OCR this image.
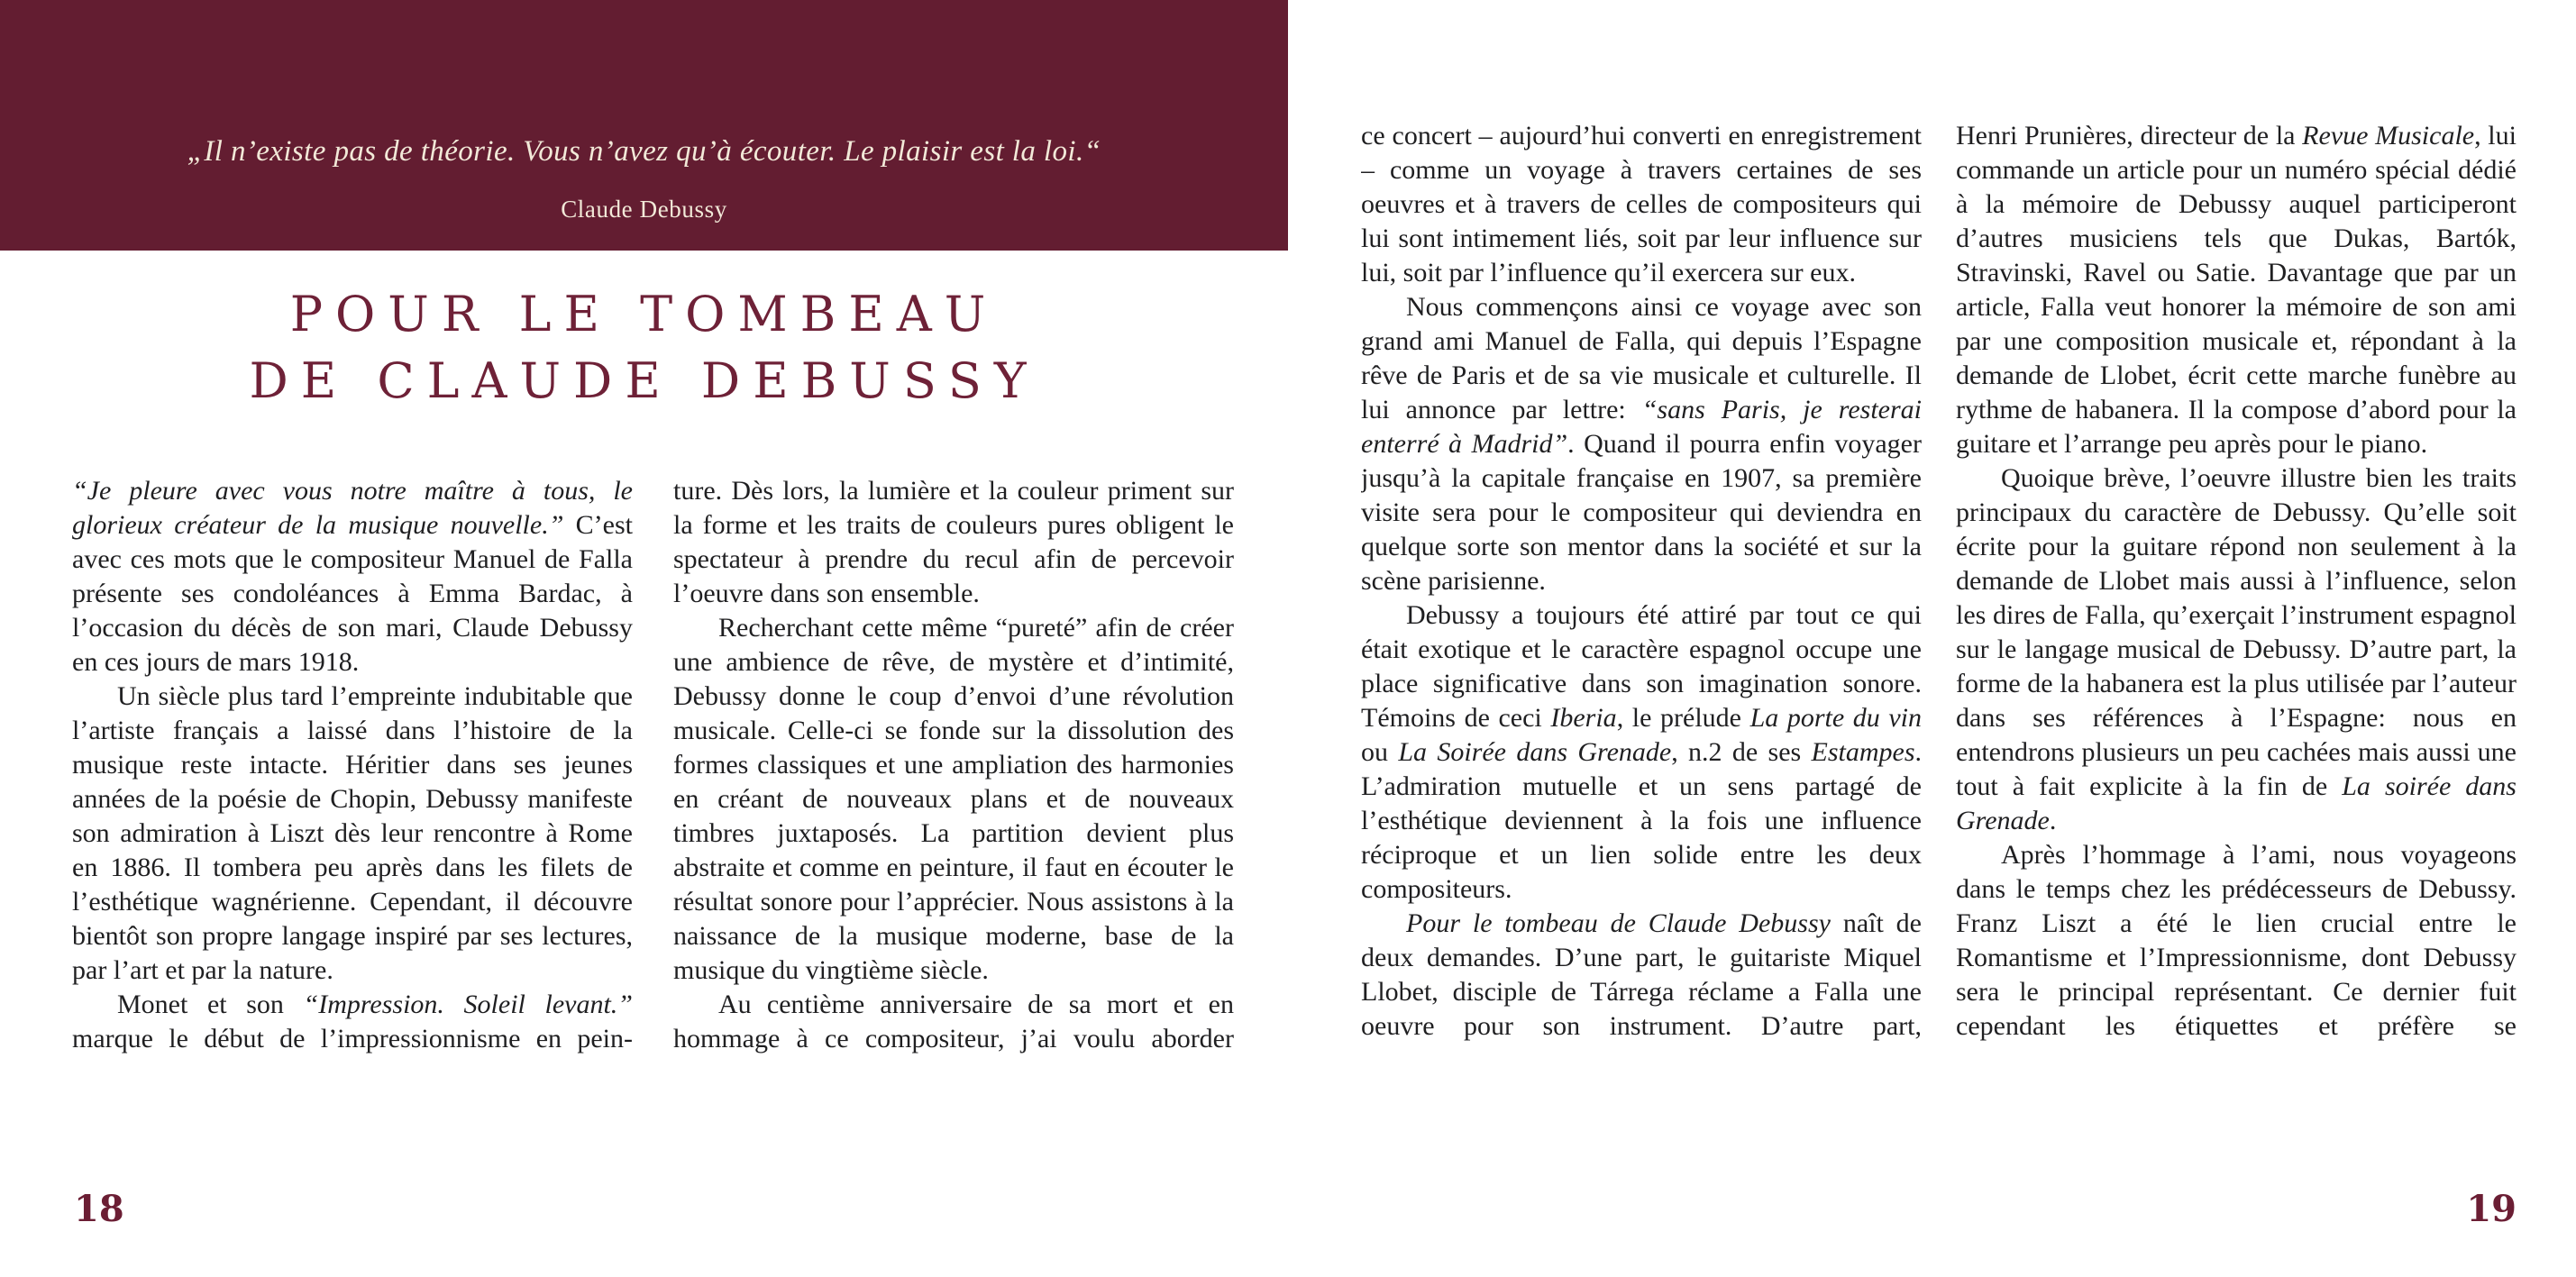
„Il n’existe pas de théorie. Vous n’avez qu’à écouter. Le plaisir est la loi.“

Claude Debussy

POUR LE TOMBEAU
DE CLAUDE DEBUSSY

“Je pleure avec vous notre maître à tous, le glorieux créateur de la musique nouvelle.” C’est avec ces mots que le compositeur Manuel de Falla présente ses condoléances à Emma Bardac, à l’occasion du décès de son mari, Claude Debussy en ces jours de mars 1918.

Un siècle plus tard l’empreinte indubitable que l’artiste français a laissé dans l’histoire de la musique reste intacte. Héritier dans ses jeunes années de la poésie de Chopin, Debussy manifeste son admiration à Liszt dès leur rencontre à Rome en 1886. Il tombera peu après dans les filets de l’esthétique wagnérienne. Cependant, il découvre bientôt son propre langage inspiré par ses lectures, par l’art et par la nature.

Monet et son “Impression. Soleil levant.” marque le début de l’impressionnisme en pein-

ture. Dès lors, la lumière et la couleur priment sur la forme et les traits de couleurs pures obligent le spectateur à prendre du recul afin de percevoir l’oeuvre dans son ensemble.

Recherchant cette même “pureté” afin de créer une ambience de rêve, de mystère et d’intimité, Debussy donne le coup d’envoi d’une révolution musicale. Celle-ci se fonde sur la dissolution des formes classiques et une ampliation des harmonies en créant de nouveaux plans et de nouveaux timbres juxtaposés. La partition devient plus abstraite et comme en peinture, il faut en écouter le résultat sonore pour l’apprécier. Nous assistons à la naissance de la musique moderne, base de la musique du vingtième siècle.

Au centième anniversaire de sa mort et en hommage à ce compositeur, j’ai voulu aborder

ce concert – aujourd’hui converti en enregistrement – comme un voyage à travers certaines de ses oeuvres et à travers de celles de compositeurs qui lui sont intimement liés, soit par leur influence sur lui, soit par l’influence qu’il exercera sur eux.

Nous commençons ainsi ce voyage avec son grand ami Manuel de Falla, qui depuis l’Espagne rêve de Paris et de sa vie musicale et culturelle. Il lui annonce par lettre: “sans Paris, je resterai enterré à Madrid”. Quand il pourra enfin voyager jusqu’à la capitale française en 1907, sa première visite sera pour le compositeur qui deviendra en quelque sorte son mentor dans la société et sur la scène parisienne.

Debussy a toujours été attiré par tout ce qui était exotique et le caractère espagnol occupe une place significative dans son imagination sonore. Témoins de ceci Iberia, le prélude La porte du vin ou La Soirée dans Grenade, n.2 de ses Estampes. L’admiration mutuelle et un sens partagé de l’esthétique deviennent à la fois une influence réciproque et un lien solide entre les deux compositeurs.

Pour le tombeau de Claude Debussy naît de deux demandes. D’une part, le guitariste Miquel Llobet, disciple de Tárrega réclame a Falla une oeuvre pour son instrument. D’autre part,

Henri Prunières, directeur de la Revue Musicale, lui commande un article pour un numéro spécial dédié à la mémoire de Debussy auquel participeront d’autres musiciens tels que Dukas, Bartók, Stravinski, Ravel ou Satie. Davantage que par un article, Falla veut honorer la mémoire de son ami par une composition musicale et, répondant à la demande de Llobet, écrit cette marche funèbre au rythme de habanera. Il la compose d’abord pour la guitare et l’arrange peu après pour le piano.

Quoique brève, l’oeuvre illustre bien les traits principaux du caractère de Debussy. Qu’elle soit écrite pour la guitare répond non seulement à la demande de Llobet mais aussi à l’influence, selon les dires de Falla, qu’exerçait l’instrument espagnol sur le langage musical de Debussy. D’autre part, la forme de la habanera est la plus utilisée par l’auteur dans ses références à l’Espagne: nous en entendrons plusieurs un peu cachées mais aussi une tout à fait explicite à la fin de La soirée dans Grenade.

Après l’hommage à l’ami, nous voyageons dans le temps chez les prédécesseurs de Debussy. Franz Liszt a été le lien crucial entre le Romantisme et l’Impressionnisme, dont Debussy sera le principal représentant. Ce dernier fuit cependant les étiquettes et préfère se

18	19
